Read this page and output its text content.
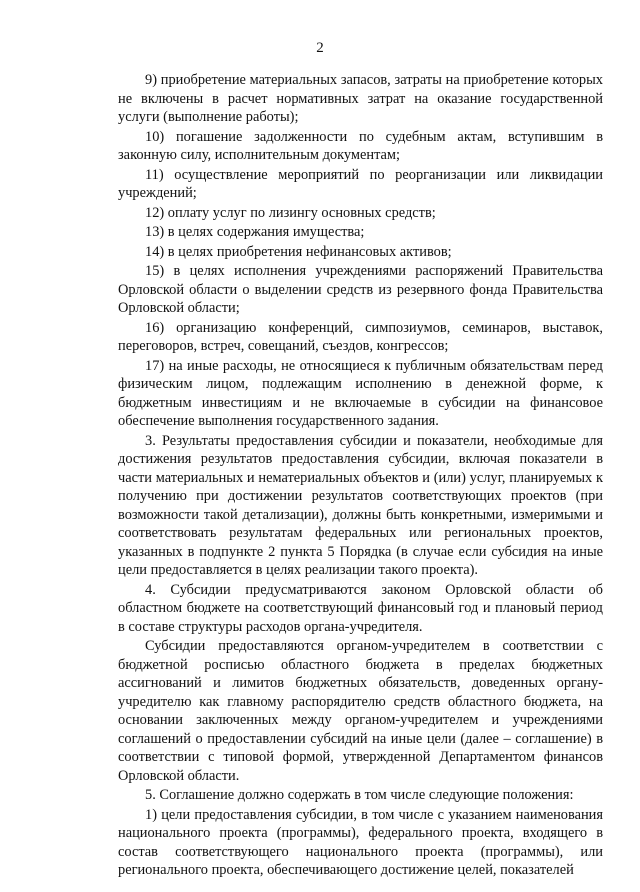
2

9) приобретение материальных запасов, затраты на приобретение которых не включены в расчет нормативных затрат на оказание государственной услуги (выполнение работы);

10) погашение задолженности по судебным актам, вступившим в законную силу, исполнительным документам;

11) осуществление мероприятий по реорганизации или ликвидации учреждений;

12) оплату услуг по лизингу основных средств;

13) в целях содержания имущества;

14) в целях приобретения нефинансовых активов;

15) в целях исполнения учреждениями распоряжений Правительства Орловской области о выделении средств из резервного фонда Правительства Орловской области;

16) организацию конференций, симпозиумов, семинаров, выставок, переговоров, встреч, совещаний, съездов, конгрессов;

17) на иные расходы, не относящиеся к публичным обязательствам перед физическим лицом, подлежащим исполнению в денежной форме, к бюджетным инвестициям и не включаемые в субсидии на финансовое обеспечение выполнения государственного задания.

3. Результаты предоставления субсидии и показатели, необходимые для достижения результатов предоставления субсидии, включая показатели в части материальных и нематериальных объектов и (или) услуг, планируемых к получению при достижении результатов соответствующих проектов (при возможности такой детализации), должны быть конкретными, измеримыми и соответствовать результатам федеральных или региональных проектов, указанных в подпункте 2 пункта 5 Порядка (в случае если субсидия на иные цели предоставляется в целях реализации такого проекта).

4. Субсидии предусматриваются законом Орловской области об областном бюджете на соответствующий финансовый год и плановый период в составе структуры расходов органа-учредителя.

Субсидии предоставляются органом-учредителем в соответствии с бюджетной росписью областного бюджета в пределах бюджетных ассигнований и лимитов бюджетных обязательств, доведенных органу-учредителю как главному распорядителю средств областного бюджета, на основании заключенных между органом-учредителем и учреждениями соглашений о предоставлении субсидий на иные цели (далее – соглашение) в соответствии с типовой формой, утвержденной Департаментом финансов Орловской области.

5. Соглашение должно содержать в том числе следующие положения:

1) цели предоставления субсидии, в том числе с указанием наименования национального проекта (программы), федерального проекта, входящего в состав соответствующего национального проекта (программы), или регионального проекта, обеспечивающего достижение целей, показателей
